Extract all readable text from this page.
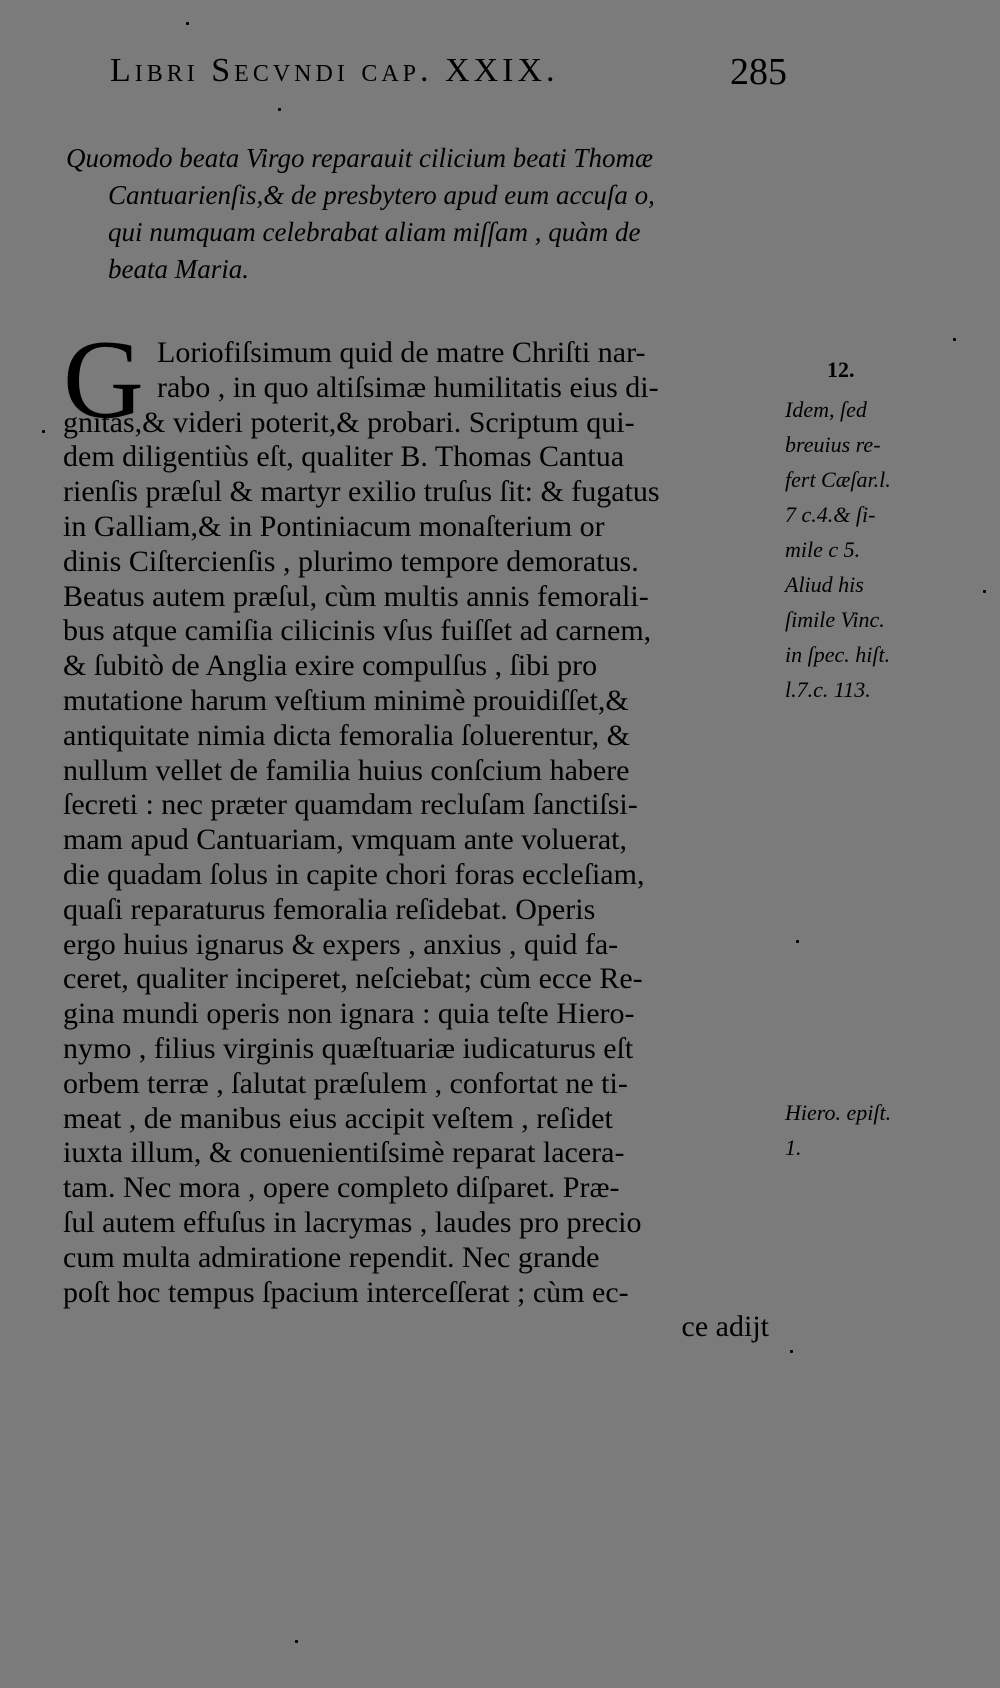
Libri Secvndi cap. XXIX.	285
Quomodo beata Virgo reparauit cilicium beati Thomæ
Cantuarienſis,& de presbytero apud eum accuſa o,
qui numquam celebrabat aliam miſſam , quàm de
beata Maria.
G Loriofiſsimum quid de matre Chriſti nar-
rabo , in quo altiſsimæ humilitatis eius di-
gnitas,& videri poterit,& probari. Scriptum qui-
dem diligentiùs eſt, qualiter B. Thomas Cantua
rienſis præſul & martyr exilio truſus ſit: & fugatus
in Galliam,& in Pontiniacum monaſterium or
dinis Ciſtercienſis , plurimo tempore demoratus.
Beatus autem præſul, cùm multis annis femorali-
bus atque camiſia cilicinis vſus fuiſſet ad carnem,
& ſubitò de Anglia exire compulſus , ſibi pro
mutatione harum veſtium minimè prouidiſſet,&
antiquitate nimia dicta femoralia ſoluerentur, &
nullum vellet de familia huius conſcium habere
ſecreti : nec præter quamdam recluſam ſanctiſsi-
mam apud Cantuariam, vmquam ante voluerat,
die quadam ſolus in capite chori foras eccleſiam,
quaſi reparaturus femoralia reſidebat. Operis
ergo huius ignarus & expers , anxius , quid fa-
ceret, qualiter inciperet, neſciebat; cùm ecce Re-
gina mundi operis non ignara : quia teſte Hiero-
nymo , filius virginis quæſtuariæ iudicaturus eſt
orbem terræ , ſalutat præſulem , confortat ne ti-
meat , de manibus eius accipit veſtem , reſidet
iuxta illum, & conuenientiſsimè reparat lacera-
tam. Nec mora , opere completo diſparet. Præ-
ſul autem effuſus in lacrymas , laudes pro precio
cum multa admiratione rependit. Nec grande
poſt hoc tempus ſpacium interceſſerat ; cùm ec-
ce adijt
12.
Idem, ſed
breuius re-
fert Cæſar.l.
7 c.4.& ſi-
mile c 5.
Aliud his
ſimile Vinc.
in ſpec. hiſt.
l.7.c. 113.
Hiero. epiſt.
1.
